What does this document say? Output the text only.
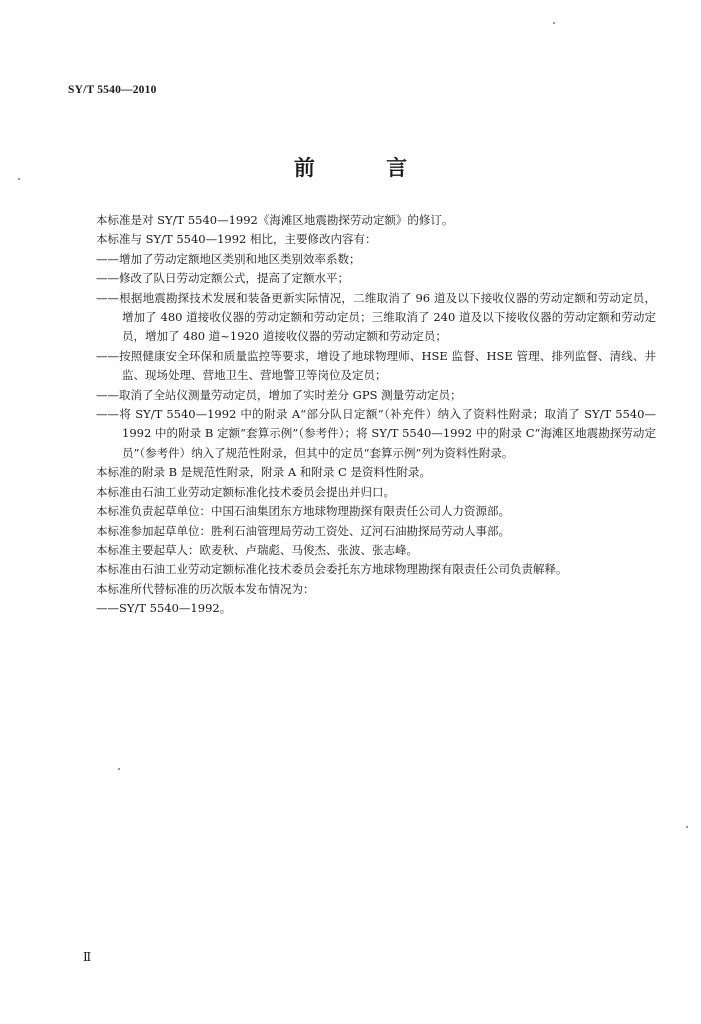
SY/T 5540—2010
前 言

本标准是对 SY/T 5540—1992《海滩区地震勘探劳动定额》的修订。

本标准与 SY/T 5540—1992 相比，主要修改内容有：

——增加了劳动定额地区类别和地区类别效率系数；

——修改了队日劳动定额公式，提高了定额水平；

——根据地震勘探技术发展和装备更新实际情况，二维取消了 96 道及以下接收仪器的劳动定额和劳动定员，增加了 480 道接收仪器的劳动定额和劳动定员；三维取消了 240 道及以下接收仪器的劳动定额和劳动定员，增加了 480 道~1920 道接收仪器的劳动定额和劳动定员；

——按照健康安全环保和质量监控等要求，增设了地球物理师、HSE 监督、HSE 管理、排列监督、清线、井监、现场处理、营地卫生、营地警卫等岗位及定员；

——取消了全站仪测量劳动定员，增加了实时差分 GPS 测量劳动定员；

——将 SY/T 5540—1992 中的附录 A“部分队日定额”（补充件）纳入了资料性附录；取消了 SY/T 5540—1992 中的附录 B 定额“套算示例”（参考件）；将 SY/T 5540—1992 中的附录 C“海滩区地震勘探劳动定员”（参考件）纳入了规范性附录，但其中的定员“套算示例”列为资料性附录。

本标准的附录 B 是规范性附录，附录 A 和附录 C 是资料性附录。

本标准由石油工业劳动定额标准化技术委员会提出并归口。

本标准负责起草单位：中国石油集团东方地球物理勘探有限责任公司人力资源部。

本标准参加起草单位：胜利石油管理局劳动工资处、辽河石油勘探局劳动人事部。

本标准主要起草人：欧麦秋、卢瑞彪、马俊杰、张波、张志峰。

本标准由石油工业劳动定额标准化技术委员会委托东方地球物理勘探有限责任公司负责解释。

本标准所代替标准的历次版本发布情况为：

——SY/T 5540—1992。

Ⅱ
